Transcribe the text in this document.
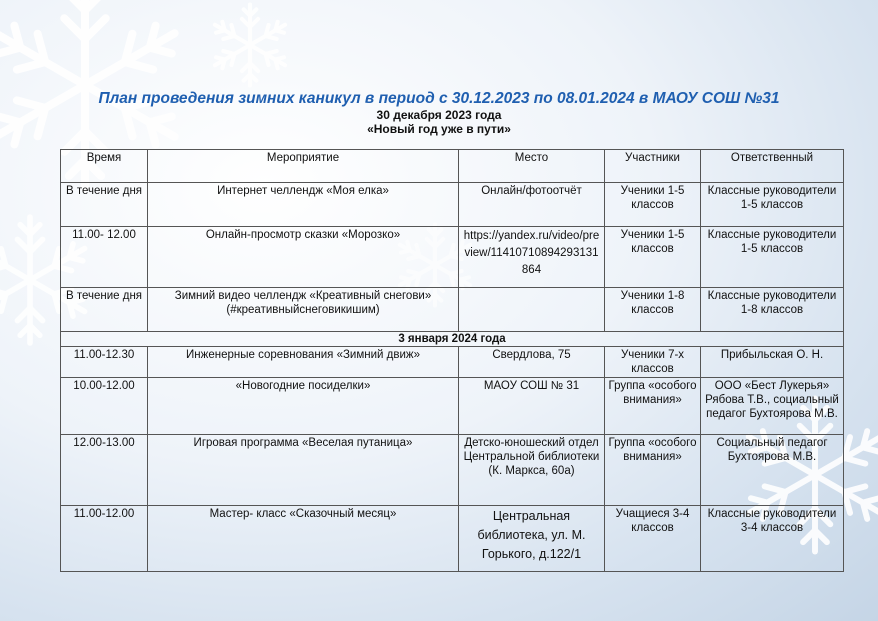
План проведения зимних каникул в период с 30.12.2023 по 08.01.2024 в МАОУ СОШ №31
30 декабря 2023 года
«Новый год уже в пути»
Время	Мероприятие	Место	Участники	Ответственный
В течение дня	Интернет челлендж «Моя елка»	Онлайн/фотоотчёт	Ученики 1-5 классов	Классные руководители 1-5 классов
11.00- 12.00	Онлайн-просмотр сказки «Морозко»	https://yandex.ru/video/preview/11410710894293131864	Ученики 1-5 классов	Классные руководители 1-5 классов
В течение дня	Зимний видео челлендж «Креативный снегови» (#креативныйснеговикишим)		Ученики 1-8 классов	Классные руководители 1-8 классов
3 января 2024 года				
11.00-12.30	Инженерные соревнования «Зимний движ»	Свердлова, 75	Ученики 7-х классов	Прибыльская О. Н.
10.00-12.00	«Новогодние посиделки»	МАОУ СОШ № 31	Группа «особого внимания»	ООО «Бест Лукерья» Рябова Т.В., социальный педагог Бухтоярова М.В.
12.00-13.00	Игровая программа «Веселая путаница»	Детско-юношеский отдел Центральной библиотеки (К. Маркса, 60а)	Группа «особого внимания»	Социальный педагог Бухтоярова М.В.
11.00-12.00	Мастер- класс «Сказочный месяц»	Центральная библиотека, ул. М. Горького, д.122/1	Учащиеся 3-4 классов	Классные руководители 3-4 классов
